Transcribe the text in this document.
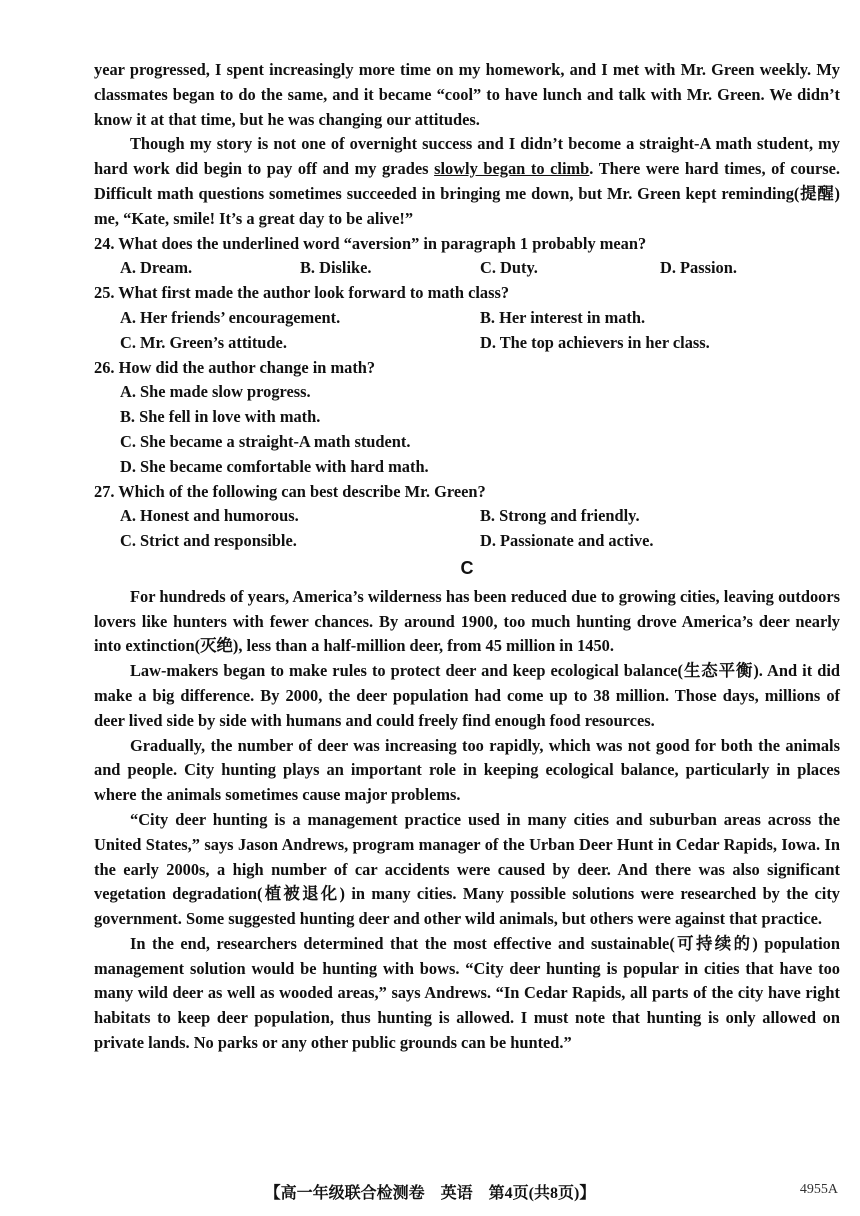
year progressed, I spent increasingly more time on my homework, and I met with Mr. Green weekly. My classmates began to do the same, and it became “cool” to have lunch and talk with Mr. Green. We didn’t know it at that time, but he was changing our attitudes.

Though my story is not one of overnight success and I didn’t become a straight-A math student, my hard work did begin to pay off and my grades slowly began to climb. There were hard times, of course. Difficult math questions sometimes succeeded in bringing me down, but Mr. Green kept reminding(提醒) me, “Kate, smile! It’s a great day to be alive!”

24. What does the underlined word “aversion” in paragraph 1 probably mean?
A. Dream.	B. Dislike.	C. Duty.	D. Passion.
25. What first made the author look forward to math class?
A. Her friends’ encouragement.	B. Her interest in math.
C. Mr. Green’s attitude.	D. The top achievers in her class.
26. How did the author change in math?
A. She made slow progress.
B. She fell in love with math.
C. She became a straight-A math student.
D. She became comfortable with hard math.
27. Which of the following can best describe Mr. Green?
A. Honest and humorous.	B. Strong and friendly.
C. Strict and responsible.	D. Passionate and active.
C

For hundreds of years, America’s wilderness has been reduced due to growing cities, leaving outdoors lovers like hunters with fewer chances. By around 1900, too much hunting drove America’s deer nearly into extinction(灭绝), less than a half-million deer, from 45 million in 1450.

Law-makers began to make rules to protect deer and keep ecological balance(生态平衡). And it did make a big difference. By 2000, the deer population had come up to 38 million. Those days, millions of deer lived side by side with humans and could freely find enough food resources.

Gradually, the number of deer was increasing too rapidly, which was not good for both the animals and people. City hunting plays an important role in keeping ecological balance, particularly in places where the animals sometimes cause major problems.

“City deer hunting is a management practice used in many cities and suburban areas across the United States,” says Jason Andrews, program manager of the Urban Deer Hunt in Cedar Rapids, Iowa. In the early 2000s, a high number of car accidents were caused by deer. And there was also significant vegetation degradation(植被退化) in many cities. Many possible solutions were researched by the city government. Some suggested hunting deer and other wild animals, but others were against that practice.

In the end, researchers determined that the most effective and sustainable(可持续的) population management solution would be hunting with bows. “City deer hunting is popular in cities that have too many wild deer as well as wooded areas,” says Andrews. “In Cedar Rapids, all parts of the city have right habitats to keep deer population, thus hunting is allowed. I must note that hunting is only allowed on private lands. No parks or any other public grounds can be hunted.”

【高一年级联合检测卷　英语　第4页(共8页)】	4955A
